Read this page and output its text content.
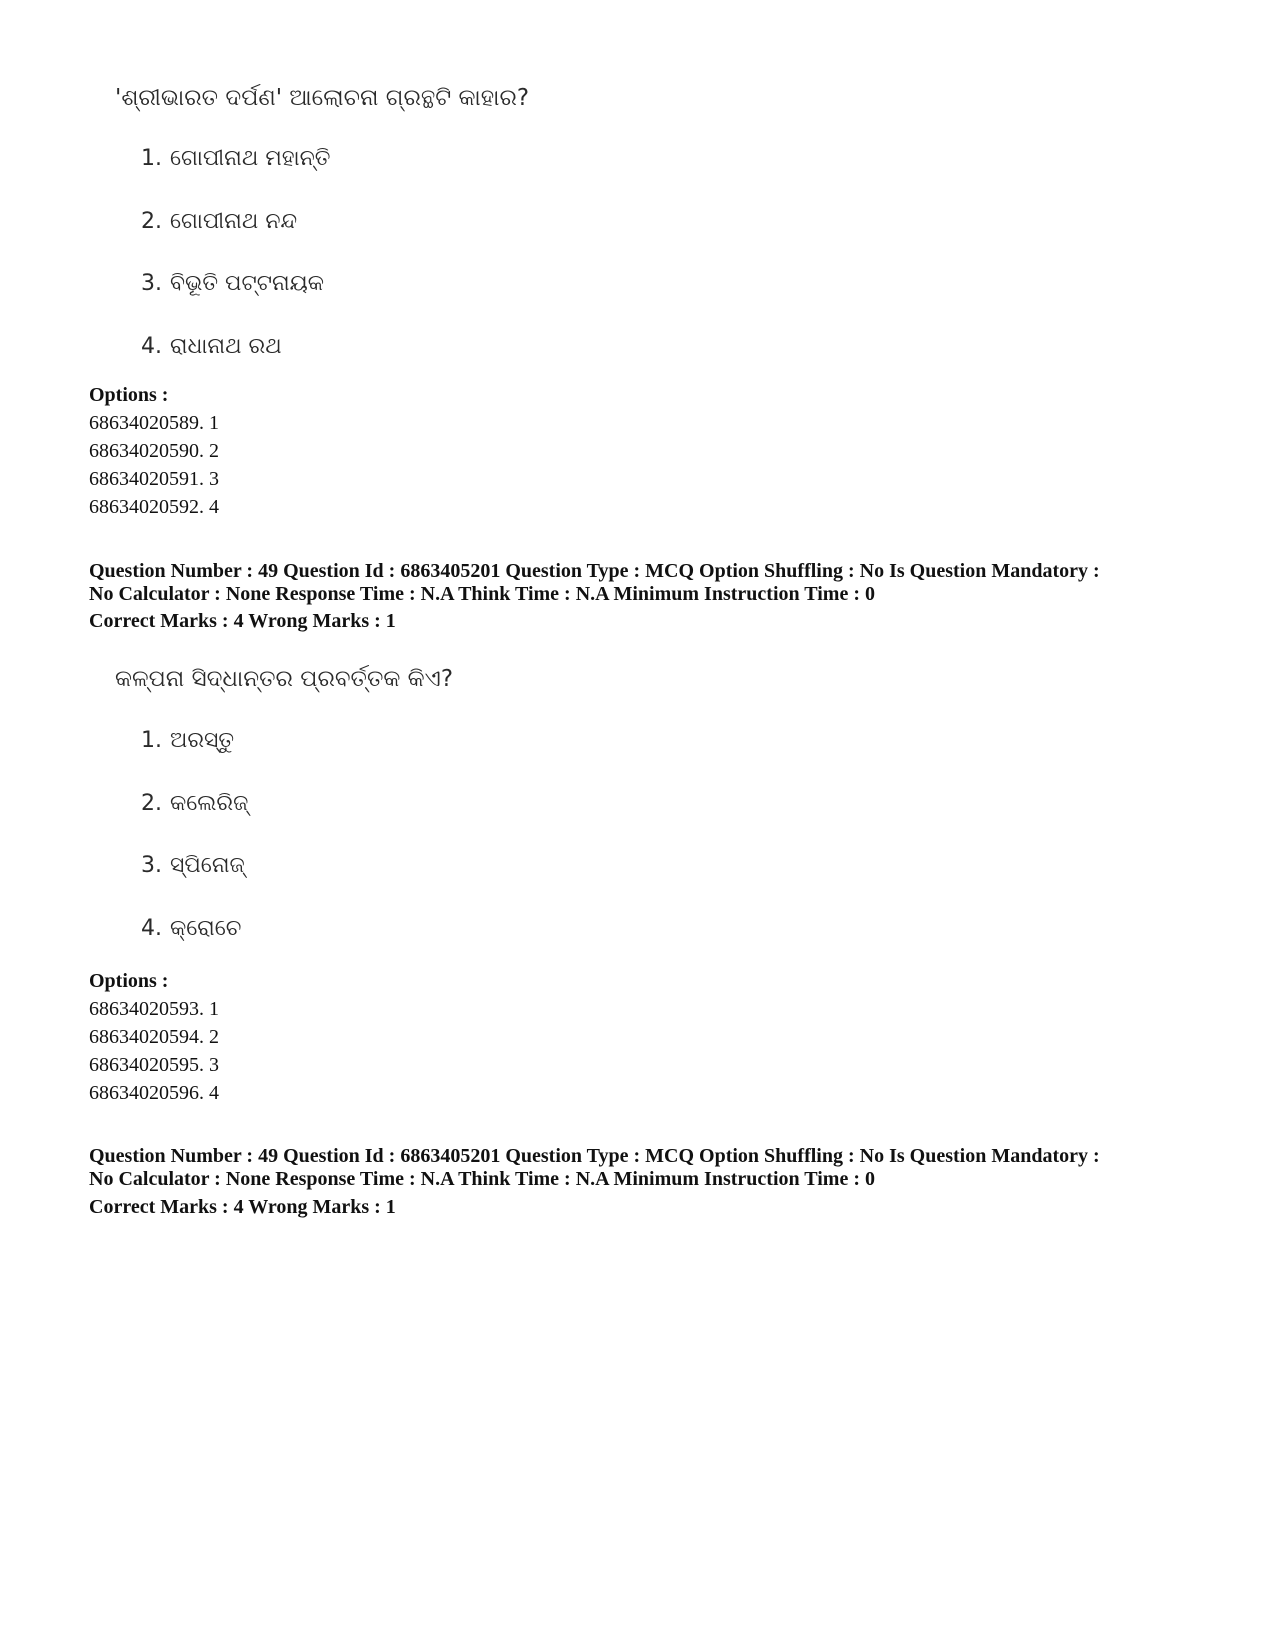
'ଶ୍ରୀଭାରତ ଦର୍ପଣ' ଆଲୋଚନା ଗ୍ରନ୍ଥଟି କାହାର?
1. ଗୋପୀନାଥ ମହାନ୍ତି
2. ଗୋପୀନାଥ ନନ୍ଦ
3. ବିଭୂତି ପଟ୍ଟନାୟକ
4. ରାଧାନାଥ ରଥ
Options :
68634020589. 1
68634020590. 2
68634020591. 3
68634020592. 4
Question Number : 49 Question Id : 6863405201 Question Type : MCQ Option Shuffling : No Is Question Mandatory :
No Calculator : None Response Time : N.A Think Time : N.A Minimum Instruction Time : 0
Correct Marks : 4 Wrong Marks : 1
କଳ୍ପନା ସିଦ୍ଧାନ୍ତର ପ୍ରବର୍ତ୍ତକ କିଏ?
1. ଅରସ୍ତୁ
2. କଲେରିଜ୍
3. ସ୍ପିନୋଜ୍
4. କ୍ରୋଚେ
Options :
68634020593. 1
68634020594. 2
68634020595. 3
68634020596. 4
Question Number : 49 Question Id : 6863405201 Question Type : MCQ Option Shuffling : No Is Question Mandatory :
No Calculator : None Response Time : N.A Think Time : N.A Minimum Instruction Time : 0
Correct Marks : 4 Wrong Marks : 1
